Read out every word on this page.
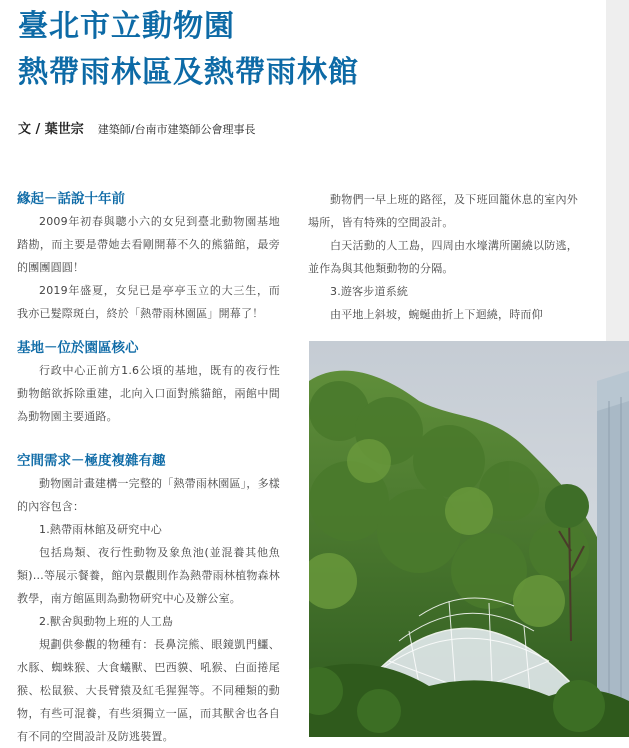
臺北市立動物園
熱帶雨林區及熱帶雨林館
文 / 葉世宗 建築師/台南市建築師公會理事長
緣起－話說十年前

2009年初春與聰小六的女兒到臺北動物園基地踏勘，而主要是帶她去看剛開幕不久的熊貓館，最旁的團團圓圓！

2019年盛夏，女兒已是亭亭玉立的大三生，而我亦已髮際斑白，終於「熱帶雨林園區」開幕了！

基地－位於園區核心

行政中心正前方1.6公頃的基地，既有的夜行性動物館欲拆除重建，北向入口面對熊貓館，兩館中間為動物園主要通路。

空間需求－極度複雜有趣

動物園計畫建構一完整的「熱帶雨林園區」，多樣的內容包含：

1.熱帶雨林館及研究中心

包括鳥類、夜行性動物及象魚池(並混養其他魚類)…等展示餐養，館內景觀則作為熱帶雨林植物森林教學，南方館區則為動物研究中心及辦公室。

2.獸舍與動物上班的人工島

規劃供參觀的物種有：長鼻浣熊、眼鏡凱門鱷、水豚、蜘蛛猴、大食蟻獸、巴西貘、吼猴、白面捲尾猴、松鼠猴、大長臂猿及紅毛猩猩等。不同種類的動物，有些可混養，有些須獨立一區，而其獸舍也各自有不同的空間設計及防逃裝置。

動物們一早上班的路徑，及下班回籠休息的室內外場所，皆有特殊的空間設計。

白天活動的人工島，四周由水壕溝所圍繞以防逃，並作為與其他類動物的分隔。

3.遊客步道系統

由平地上斜坡，蜿蜒曲折上下迴繞，時而仰
